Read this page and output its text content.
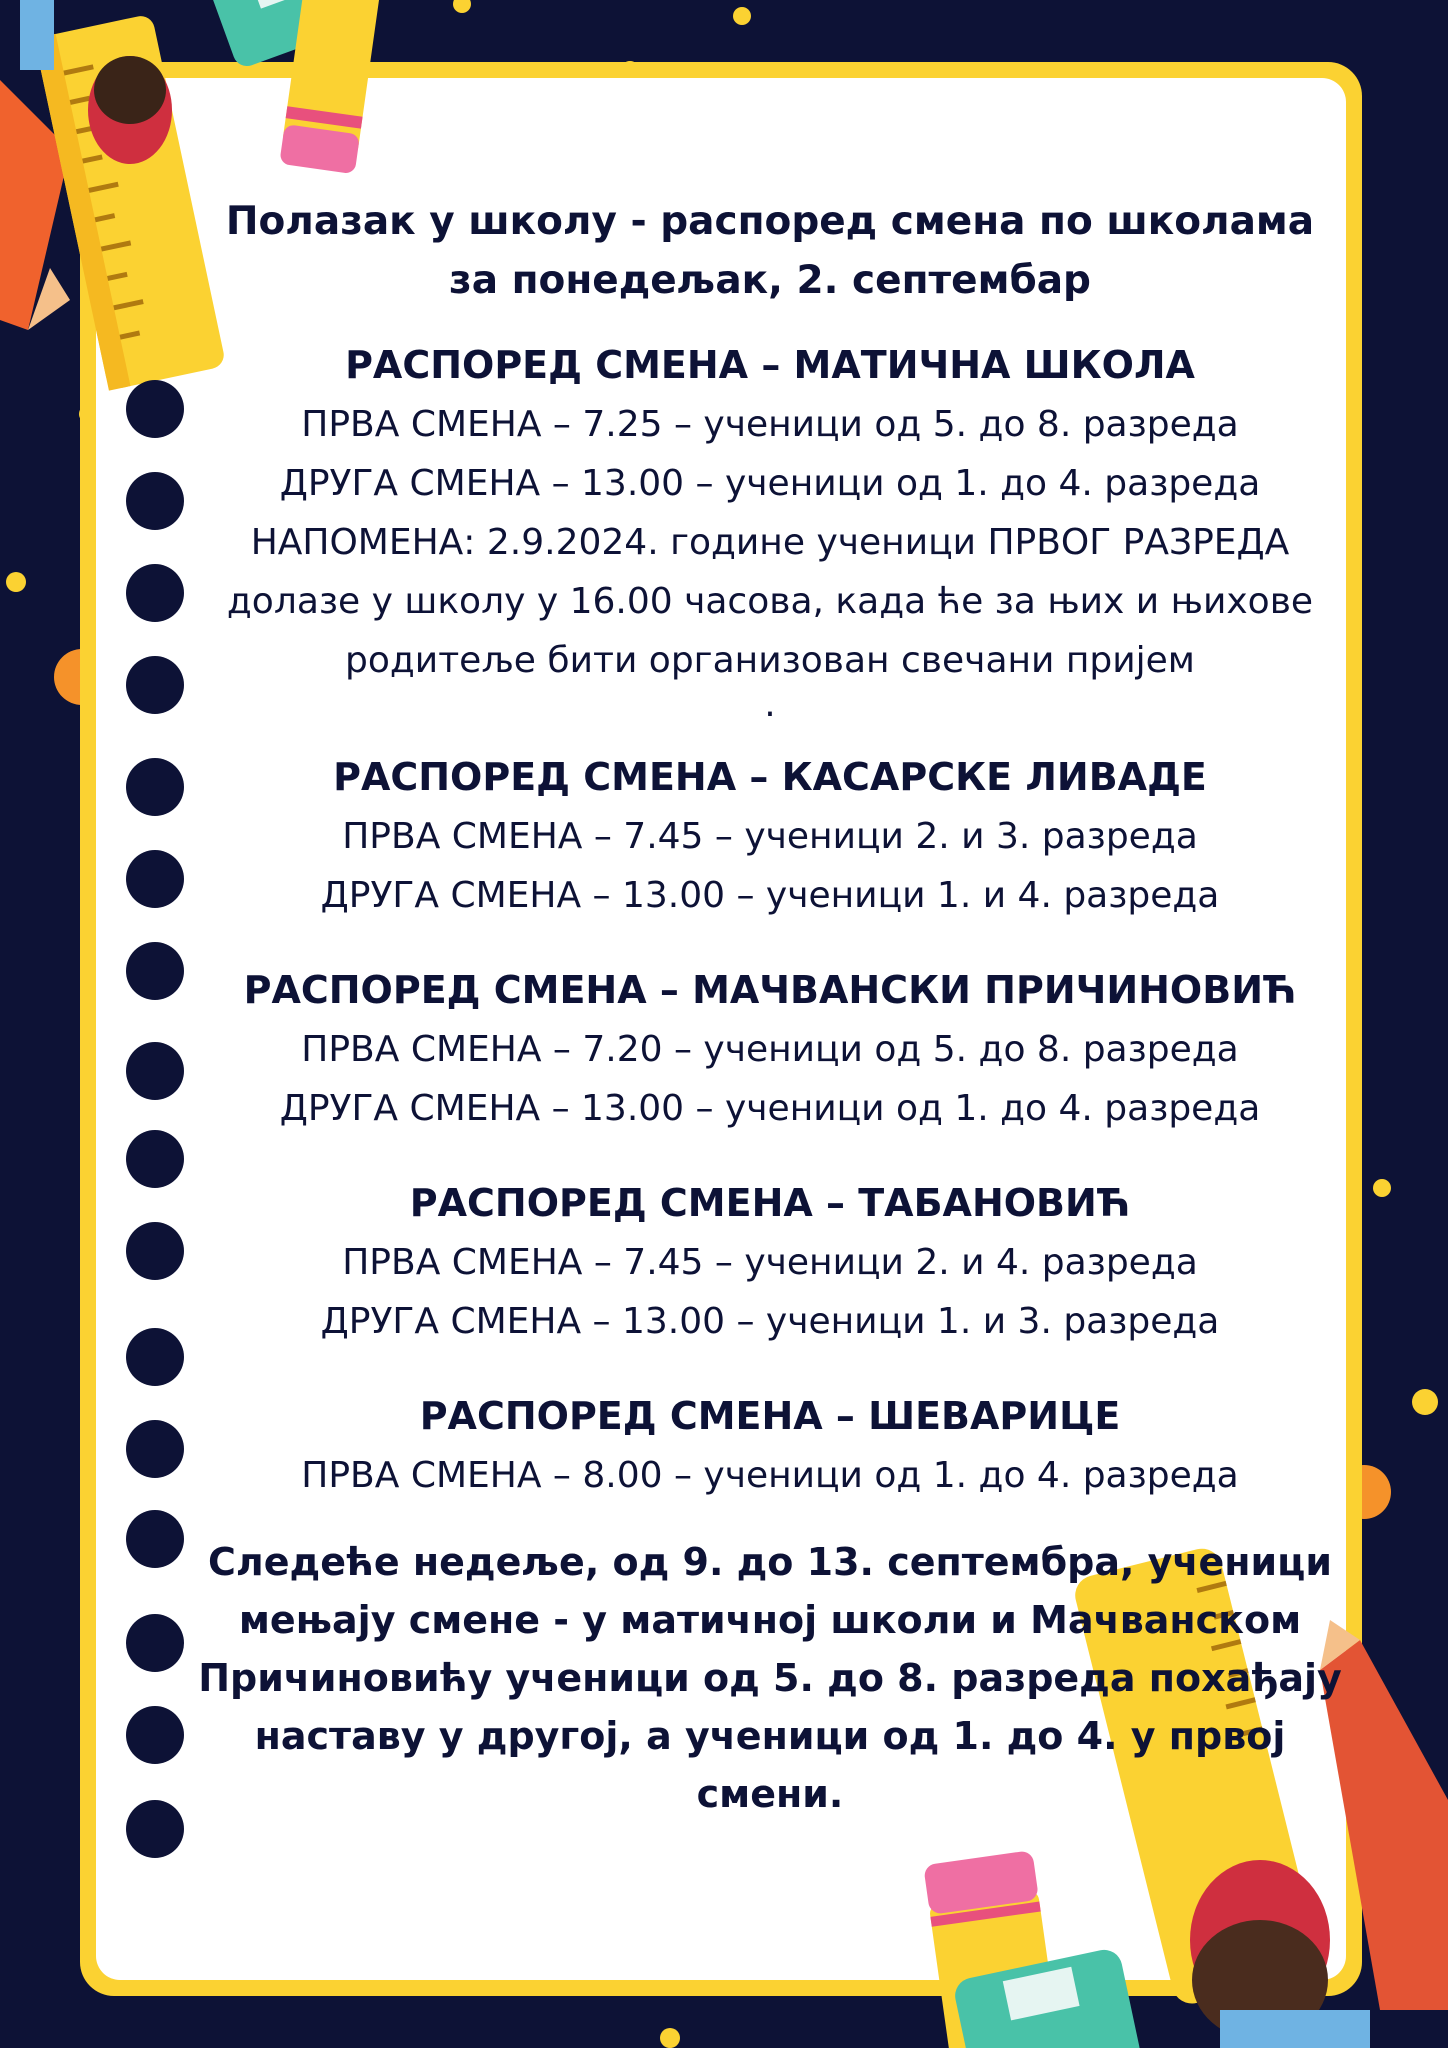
Полазак у школу - распоред смена по школама
за понедељак, 2. септембар
РАСПОРЕД СМЕНА – МАТИЧНА ШКОЛА
ПРВА СМЕНА – 7.25 – ученици од 5. до 8. разреда
ДРУГА СМЕНА – 13.00 – ученици од 1. до 4. разреда
НАПОМЕНА: 2.9.2024. године ученици ПРВОГ РАЗРЕДА
долазе у школу у 16.00 часова, када ће за њих и њихове
родитеље бити организован свечани пријем
.
РАСПОРЕД СМЕНА – КАСАРСКЕ ЛИВАДЕ
ПРВА СМЕНА – 7.45 – ученици 2. и 3. разреда
ДРУГА СМЕНА – 13.00 – ученици 1. и 4. разреда
РАСПОРЕД СМЕНА – МАЧВАНСКИ ПРИЧИНОВИЋ
ПРВА СМЕНА – 7.20 – ученици од 5. до 8. разреда
ДРУГА СМЕНА – 13.00 – ученици од 1. до 4. разреда
РАСПОРЕД СМЕНА – ТАБАНОВИЋ
ПРВА СМЕНА – 7.45 – ученици 2. и 4. разреда
ДРУГА СМЕНА – 13.00 – ученици 1. и 3. разреда
РАСПОРЕД СМЕНА – ШЕВАРИЦЕ
ПРВА СМЕНА – 8.00 – ученици од 1. до 4. разреда
Следеће недеље, од 9. до 13. септембра, ученици
мењају смене - у матичној школи и Мачванском
Причиновићу ученици од 5. до 8. разреда похађају
наставу у другој, а ученици од 1. до 4. у првој смени.
